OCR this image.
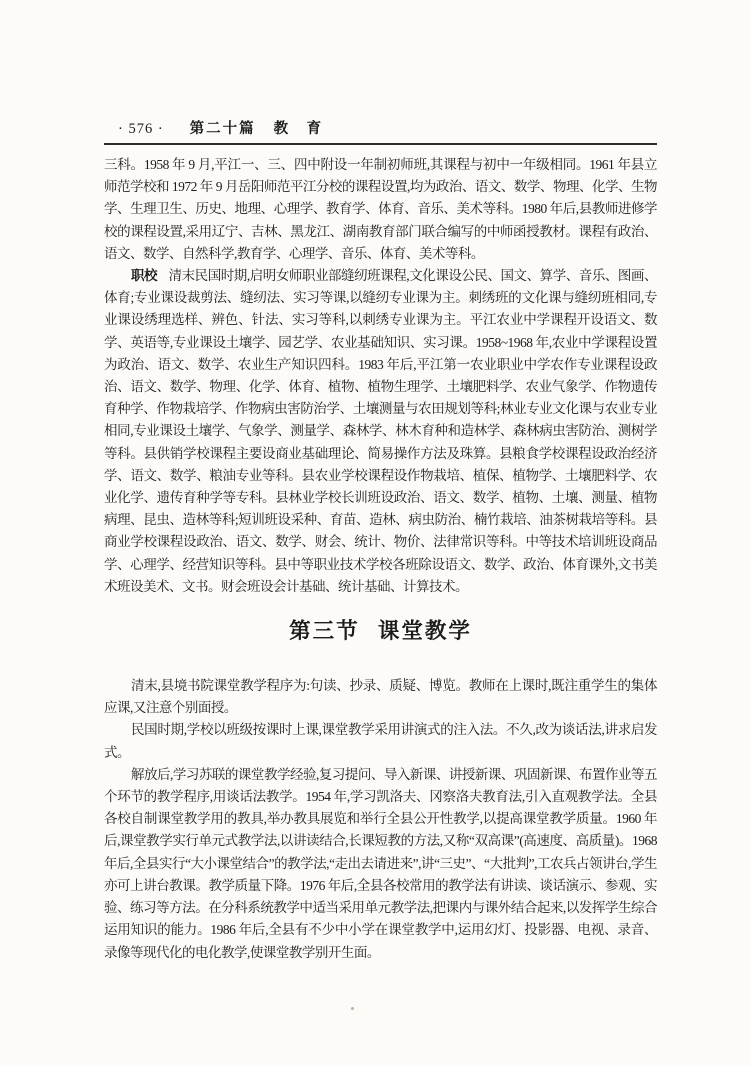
· 576 · 第二十篇 教　育

三科。1958 年 9 月,平江一、三、四中附设一年制初师班,其课程与初中一年级相同。1961 年县立师范学校和 1972 年 9 月岳阳师范平江分校的课程设置,均为政治、语文、数学、物理、化学、生物学、生理卫生、历史、地理、心理学、教育学、体育、音乐、美术等科。1980 年后,县教师进修学校的课程设置,采用辽宁、吉林、黑龙江、湖南教育部门联合编写的中师函授教材。课程有政治、语文、数学、自然科学,教育学、心理学、音乐、体育、美术等科。

职校 清末民国时期,启明女师职业部缝纫班课程,文化课设公民、国文、算学、音乐、图画、体育;专业课设裁剪法、缝纫法、实习等课,以缝纫专业课为主。刺绣班的文化课与缝纫班相同,专业课设绣理选样、辨色、针法、实习等科,以刺绣专业课为主。平江农业中学课程开设语文、数学、英语等,专业课设土壤学、园艺学、农业基础知识、实习课。1958~1968 年,农业中学课程设置为政治、语文、数学、农业生产知识四科。1983 年后,平江第一农业职业中学农作专业课程设政治、语文、数学、物理、化学、体育、植物、植物生理学、土壤肥料学、农业气象学、作物遗传育种学、作物栽培学、作物病虫害防治学、土壤测量与农田规划等科;林业专业文化课与农业专业相同,专业课设土壤学、气象学、测量学、森林学、林木育种和造林学、森林病虫害防治、测树学等科。县供销学校课程主要设商业基础理论、简易操作方法及珠算。县粮食学校课程设政治经济学、语文、数学、粮油专业等科。县农业学校课程设作物栽培、植保、植物学、土壤肥料学、农业化学、遗传育种学等专科。县林业学校长训班设政治、语文、数学、植物、土壤、测量、植物病理、昆虫、造林等科;短训班设采种、育苗、造林、病虫防治、楠竹栽培、油茶树栽培等科。县商业学校课程设政治、语文、数学、财会、统计、物价、法律常识等科。中等技术培训班设商品学、心理学、经营知识等科。县中等职业技术学校各班除设语文、数学、政治、体育课外,文书美术班设美术、文书。财会班设会计基础、统计基础、计算技术。

第三节 课堂教学

清末,县境书院课堂教学程序为:句读、抄录、质疑、博览。教师在上课时,既注重学生的集体应课,又注意个别面授。

民国时期,学校以班级按课时上课,课堂教学采用讲演式的注入法。不久,改为谈话法,讲求启发式。

解放后,学习苏联的课堂教学经验,复习提问、导入新课、讲授新课、巩固新课、布置作业等五个环节的教学程序,用谈话法教学。1954 年,学习凯洛夫、冈察洛夫教育法,引入直观教学法。全县各校自制课堂教学用的教具,举办教具展览和举行全县公开性教学,以提高课堂教学质量。1960 年后,课堂教学实行单元式教学法,以讲读结合,长课短教的方法,又称“双高课”(高速度、高质量)。1968 年后,全县实行“大小课堂结合”的教学法,“走出去请进来”,讲“三史”、“大批判”,工农兵占领讲台,学生亦可上讲台教课。教学质量下降。1976 年后,全县各校常用的教学法有讲读、谈话演示、参观、实验、练习等方法。在分科系统教学中适当采用单元教学法,把课内与课外结合起来,以发挥学生综合运用知识的能力。1986 年后,全县有不少中小学在课堂教学中,运用幻灯、投影器、电视、录音、录像等现代化的电化教学,使课堂教学别开生面。
